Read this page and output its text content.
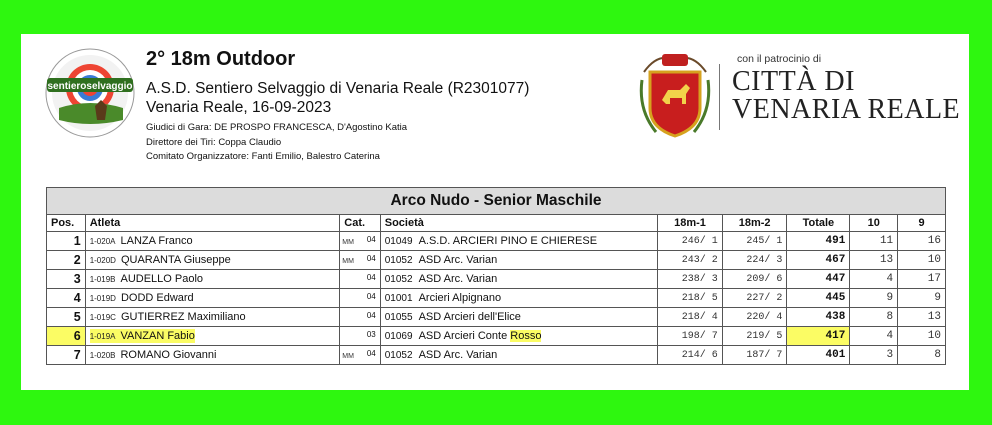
sentieroselvaggio
2° 18m Outdoor
A.S.D. Sentiero Selvaggio di Venaria Reale (R2301077)
Venaria Reale, 16-09-2023
Giudici di Gara: DE PROSPO FRANCESCA, D'Agostino Katia
Direttore dei Tiri: Coppa Claudio
Comitato Organizzatore: Fanti Emilio, Balestro Caterina
con il patrocinio di
CITTÀ DI
VENARIA REALE
Arco Nudo - Senior Maschile								
Pos.	Atleta	Cat.	Società	18m-1	18m-2	Totale	10	9
1	1-020A LANZA Franco	MM 04	01049 A.S.D. ARCIERI PINO E CHIERESE	246/ 1	245/ 1	491	11	16
2	1-020D QUARANTA Giuseppe	MM 04	01052 ASD Arc. Varian	243/ 2	224/ 3	467	13	10
3	1-019B AUDELLO Paolo	04	01052 ASD Arc. Varian	238/ 3	209/ 6	447	4	17
4	1-019D DODD Edward	04	01001 Arcieri Alpignano	218/ 5	227/ 2	445	9	9
5	1-019C GUTIERREZ Maximiliano	04	01055 ASD Arcieri dell'Elice	218/ 4	220/ 4	438	8	13
6	1-019A VANZAN Fabio	03	01069 ASD Arcieri Conte Rosso	198/ 7	219/ 5	417	4	10
7	1-020B ROMANO Giovanni	MM 04	01052 ASD Arc. Varian	214/ 6	187/ 7	401	3	8
